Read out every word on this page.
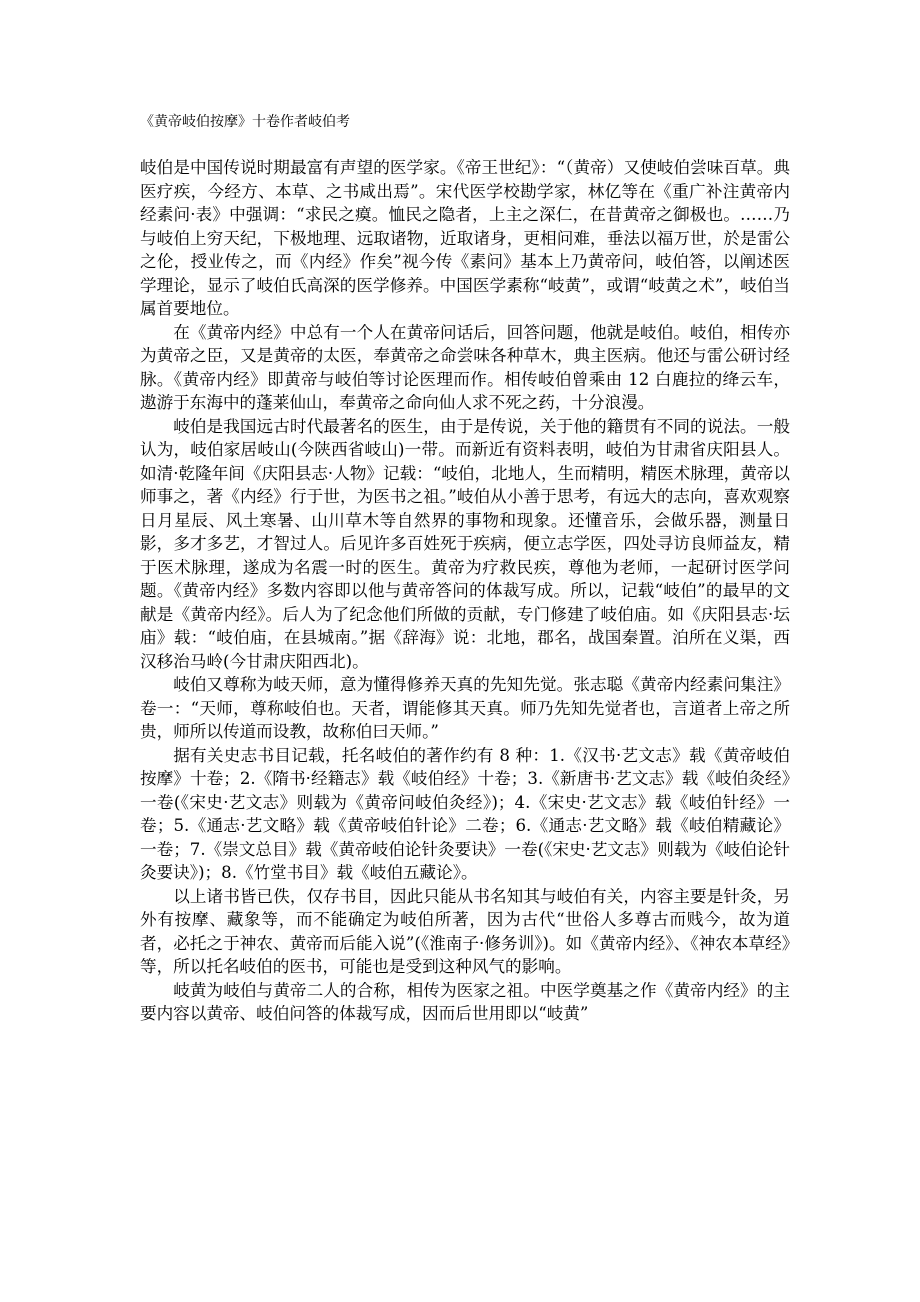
《黄帝岐伯按摩》十卷作者岐伯考

岐伯是中国传说时期最富有声望的医学家。《帝王世纪》：“（黄帝）又使岐伯尝味百草。典医疗疾，今经方、本草、之书咸出焉”。宋代医学校勘学家，林亿等在《重广补注黄帝内经素问·表》中强调：“求民之瘼。恤民之隐者，上主之深仁，在昔黄帝之御极也。……乃与岐伯上穷天纪，下极地理、远取诸物，近取诸身，更相问难，垂法以福万世，於是雷公之伦，授业传之，而《内经》作矣”视今传《素问》基本上乃黄帝问，岐伯答，以阐述医学理论，显示了岐伯氏高深的医学修养。中国医学素称“岐黄”，或谓“岐黄之术”，岐伯当属首要地位。

在《黄帝内经》中总有一个人在黄帝问话后，回答问题，他就是岐伯。岐伯，相传亦为黄帝之臣，又是黄帝的太医，奉黄帝之命尝味各种草木，典主医病。他还与雷公研讨经脉。《黄帝内经》即黄帝与岐伯等讨论医理而作。相传岐伯曾乘由 12 白鹿拉的绛云车，遨游于东海中的蓬莱仙山，奉黄帝之命向仙人求不死之药，十分浪漫。

岐伯是我国远古时代最著名的医生，由于是传说，关于他的籍贯有不同的说法。一般认为，岐伯家居岐山(今陕西省岐山)一带。而新近有资料表明，岐伯为甘肃省庆阳县人。如清·乾隆年间《庆阳县志·人物》记载：“岐伯，北地人，生而精明，精医术脉理，黄帝以师事之，著《内经》行于世，为医书之祖。”岐伯从小善于思考，有远大的志向，喜欢观察日月星辰、风土寒暑、山川草木等自然界的事物和现象。还懂音乐，会做乐器，测量日影，多才多艺，才智过人。后见许多百姓死于疾病，便立志学医，四处寻访良师益友，精于医术脉理，遂成为名震一时的医生。黄帝为疗救民疾，尊他为老师，一起研讨医学问题。《黄帝内经》多数内容即以他与黄帝答问的体裁写成。所以，记载“岐伯”的最早的文献是《黄帝内经》。后人为了纪念他们所做的贡献，专门修建了岐伯庙。如《庆阳县志·坛庙》载：“岐伯庙，在县城南。”据《辞海》说：北地，郡名，战国秦置。泊所在义渠，西汉移治马岭(今甘肃庆阳西北)。

岐伯又尊称为岐天师，意为懂得修养天真的先知先觉。张志聪《黄帝内经素问集注》卷一：“天师，尊称岐伯也。天者，谓能修其天真。师乃先知先觉者也，言道者上帝之所贵，师所以传道而设教，故称伯曰天师。”

据有关史志书目记载，托名岐伯的著作约有 8 种：1.《汉书·艺文志》载《黄帝岐伯按摩》十卷；2.《隋书·经籍志》载《岐伯经》十卷；3.《新唐书·艺文志》载《岐伯灸经》一卷(《宋史·艺文志》则载为《黄帝问岐伯灸经》)；4.《宋史·艺文志》载《岐伯针经》一卷；5.《通志·艺文略》载《黄帝岐伯针论》二卷；6.《通志·艺文略》载《岐伯精藏论》一卷；7.《崇文总目》载《黄帝岐伯论针灸要诀》一卷(《宋史·艺文志》则载为《岐伯论针灸要诀》)；8.《竹堂书目》载《岐伯五藏论》。

以上诸书皆已佚，仅存书目，因此只能从书名知其与岐伯有关，内容主要是针灸，另外有按摩、藏象等，而不能确定为岐伯所著，因为古代“世俗人多尊古而贱今，故为道者，必托之于神农、黄帝而后能入说”(《淮南子·修务训》)。如《黄帝内经》、《神农本草经》等，所以托名岐伯的医书，可能也是受到这种风气的影响。

岐黄为岐伯与黄帝二人的合称，相传为医家之祖。中医学奠基之作《黄帝内经》的主要内容以黄帝、岐伯问答的体裁写成，因而后世用即以“岐黄”
